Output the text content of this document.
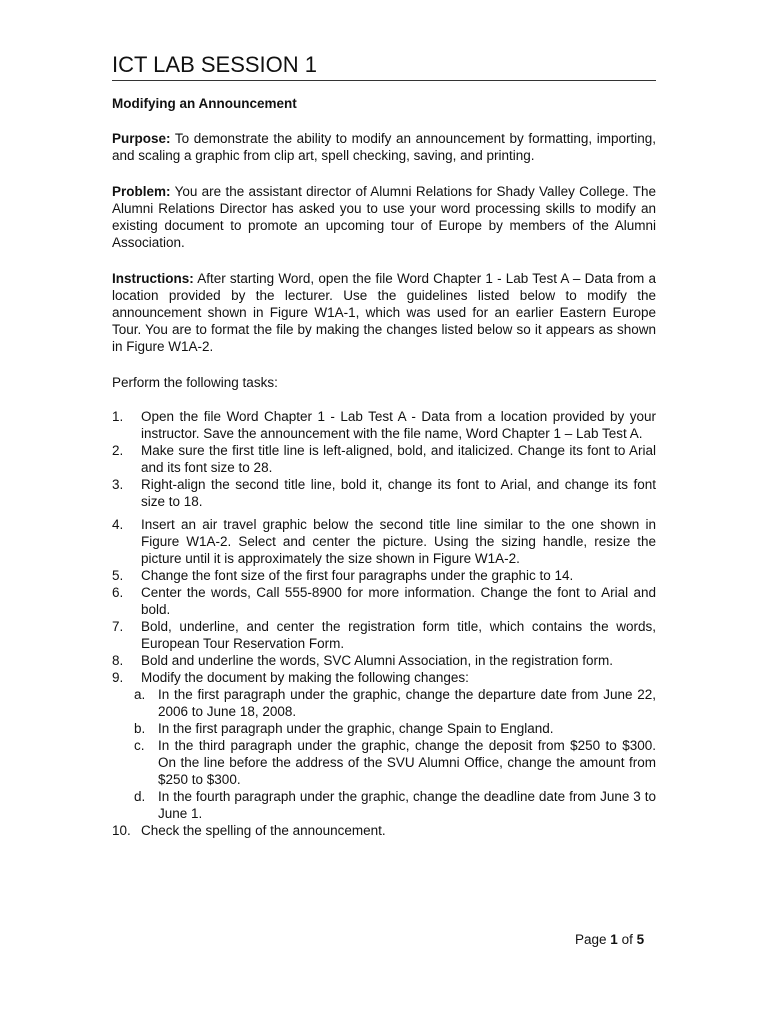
ICT LAB SESSION 1
Modifying an Announcement
Purpose: To demonstrate the ability to modify an announcement by formatting, importing, and scaling a graphic from clip art, spell checking, saving, and printing.
Problem: You are the assistant director of Alumni Relations for Shady Valley College. The Alumni Relations Director has asked you to use your word processing skills to modify an existing document to promote an upcoming tour of Europe by members of the Alumni Association.
Instructions: After starting Word, open the file Word Chapter 1 - Lab Test A – Data from a location provided by the lecturer. Use the guidelines listed below to modify the announcement shown in Figure W1A-1, which was used for an earlier Eastern Europe Tour. You are to format the file by making the changes listed below so it appears as shown in Figure W1A-2.
Perform the following tasks:
1. Open the file Word Chapter 1 - Lab Test A - Data from a location provided by your instructor. Save the announcement with the file name, Word Chapter 1 – Lab Test A.
2. Make sure the first title line is left-aligned, bold, and italicized. Change its font to Arial and its font size to 28.
3. Right-align the second title line, bold it, change its font to Arial, and change its font size to 18.
4. Insert an air travel graphic below the second title line similar to the one shown in Figure W1A-2. Select and center the picture. Using the sizing handle, resize the picture until it is approximately the size shown in Figure W1A-2.
5. Change the font size of the first four paragraphs under the graphic to 14.
6. Center the words, Call 555-8900 for more information. Change the font to Arial and bold.
7. Bold, underline, and center the registration form title, which contains the words, European Tour Reservation Form.
8. Bold and underline the words, SVC Alumni Association, in the registration form.
9. Modify the document by making the following changes:
a. In the first paragraph under the graphic, change the departure date from June 22, 2006 to June 18, 2008.
b. In the first paragraph under the graphic, change Spain to England.
c. In the third paragraph under the graphic, change the deposit from $250 to $300. On the line before the address of the SVU Alumni Office, change the amount from $250 to $300.
d. In the fourth paragraph under the graphic, change the deadline date from June 3 to June 1.
10. Check the spelling of the announcement.
Page 1 of 5
